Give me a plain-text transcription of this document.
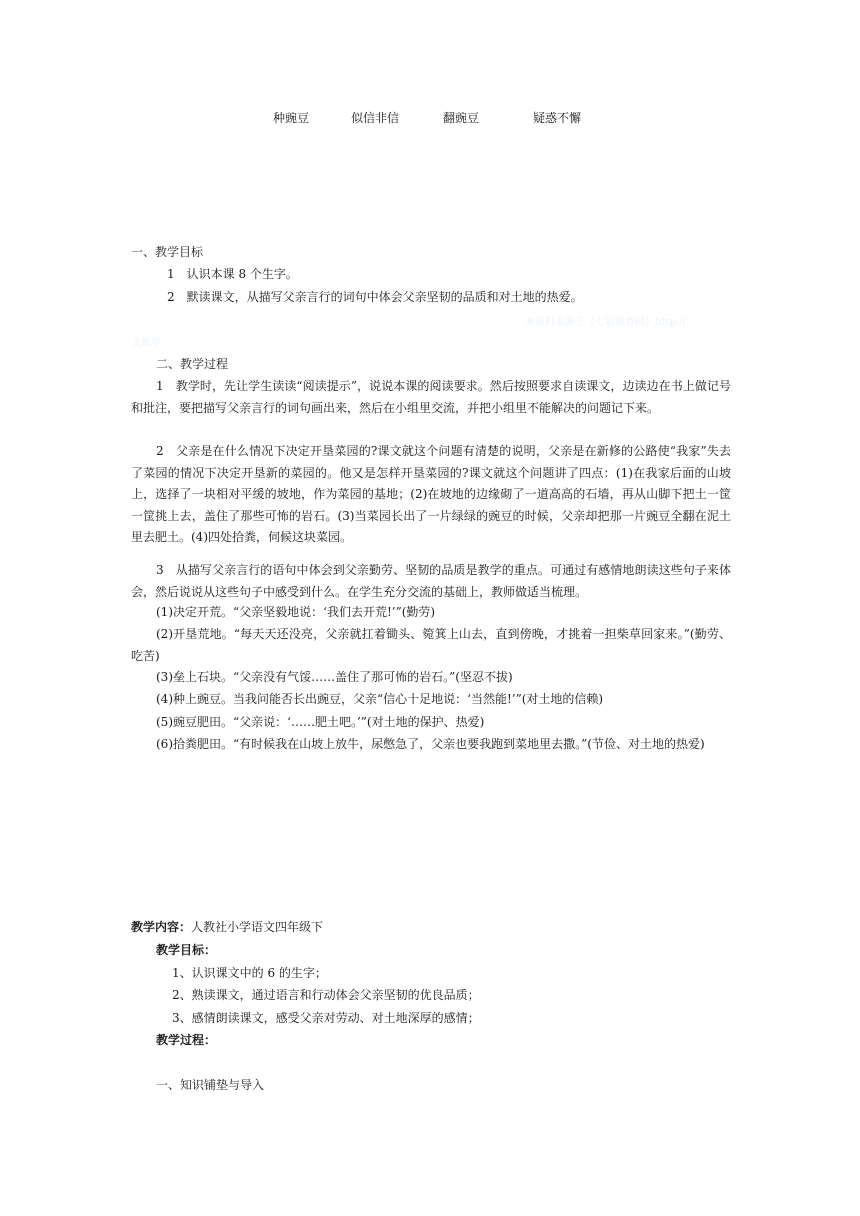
种豌豆	似信非信	翻豌豆	疑惑不懈
一、教学目标
1　认识本课 8 个生字。
2　默读课文，从描写父亲言行的词句中体会父亲坚韧的品质和对土地的热爱。
本资料来源于《七彩教育网》http://
文教学
二、教学过程
1　教学时，先让学生读读“阅读提示”，说说本课的阅读要求。然后按照要求自读课文，边读边在书上做记号和批注，要把描写父亲言行的词句画出来，然后在小组里交流，并把小组里不能解决的问题记下来。
2　父亲是在什么情况下决定开垦菜园的?课文就这个问题有清楚的说明，父亲是在新修的公路使“我家”失去了菜园的情况下决定开垦新的菜园的。他又是怎样开垦菜园的?课文就这个问题讲了四点：(1)在我家后面的山坡上，选择了一块相对平缓的坡地，作为菜园的基地；(2)在坡地的边缘砌了一道高高的石墙，再从山脚下把土一筐一筐挑上去，盖住了那些可怖的岩石。(3)当菜园长出了一片绿绿的豌豆的时候，父亲却把那一片豌豆全翻在泥土里去肥土。(4)四处拾粪，伺候这块菜园。
3　从描写父亲言行的语句中体会到父亲勤劳、坚韧的品质是教学的重点。可通过有感情地朗读这些句子来体会，然后说说从这些句子中感受到什么。在学生充分交流的基础上，教师做适当梳理。
(1)决定开荒。“父亲坚毅地说：‘我们去开荒!’”(勤劳)
(2)开垦荒地。“每天天还没亮，父亲就扛着锄头、箢箕上山去，直到傍晚，才挑着一担柴草回家来。”(勤劳、吃苦)
(3)垒上石块。“父亲没有气馁……盖住了那可怖的岩石。”(坚忍不拔)
(4)种上豌豆。当我问能否长出豌豆，父亲“信心十足地说：‘当然能!’”(对土地的信赖)
(5)豌豆肥田。“父亲说：‘……肥土吧。’”(对土地的保护、热爱)
(6)拾粪肥田。“有时候我在山坡上放牛，尿憋急了，父亲也要我跑到菜地里去撒。”(节俭、对土地的热爱)
教学内容：人教社小学语文四年级下
教学目标：
1、认识课文中的 6 的生字；
2、熟读课文，通过语言和行动体会父亲坚韧的优良品质；
3、感情朗读课文，感受父亲对劳动、对土地深厚的感情；
教学过程：
一、知识铺垫与导入
